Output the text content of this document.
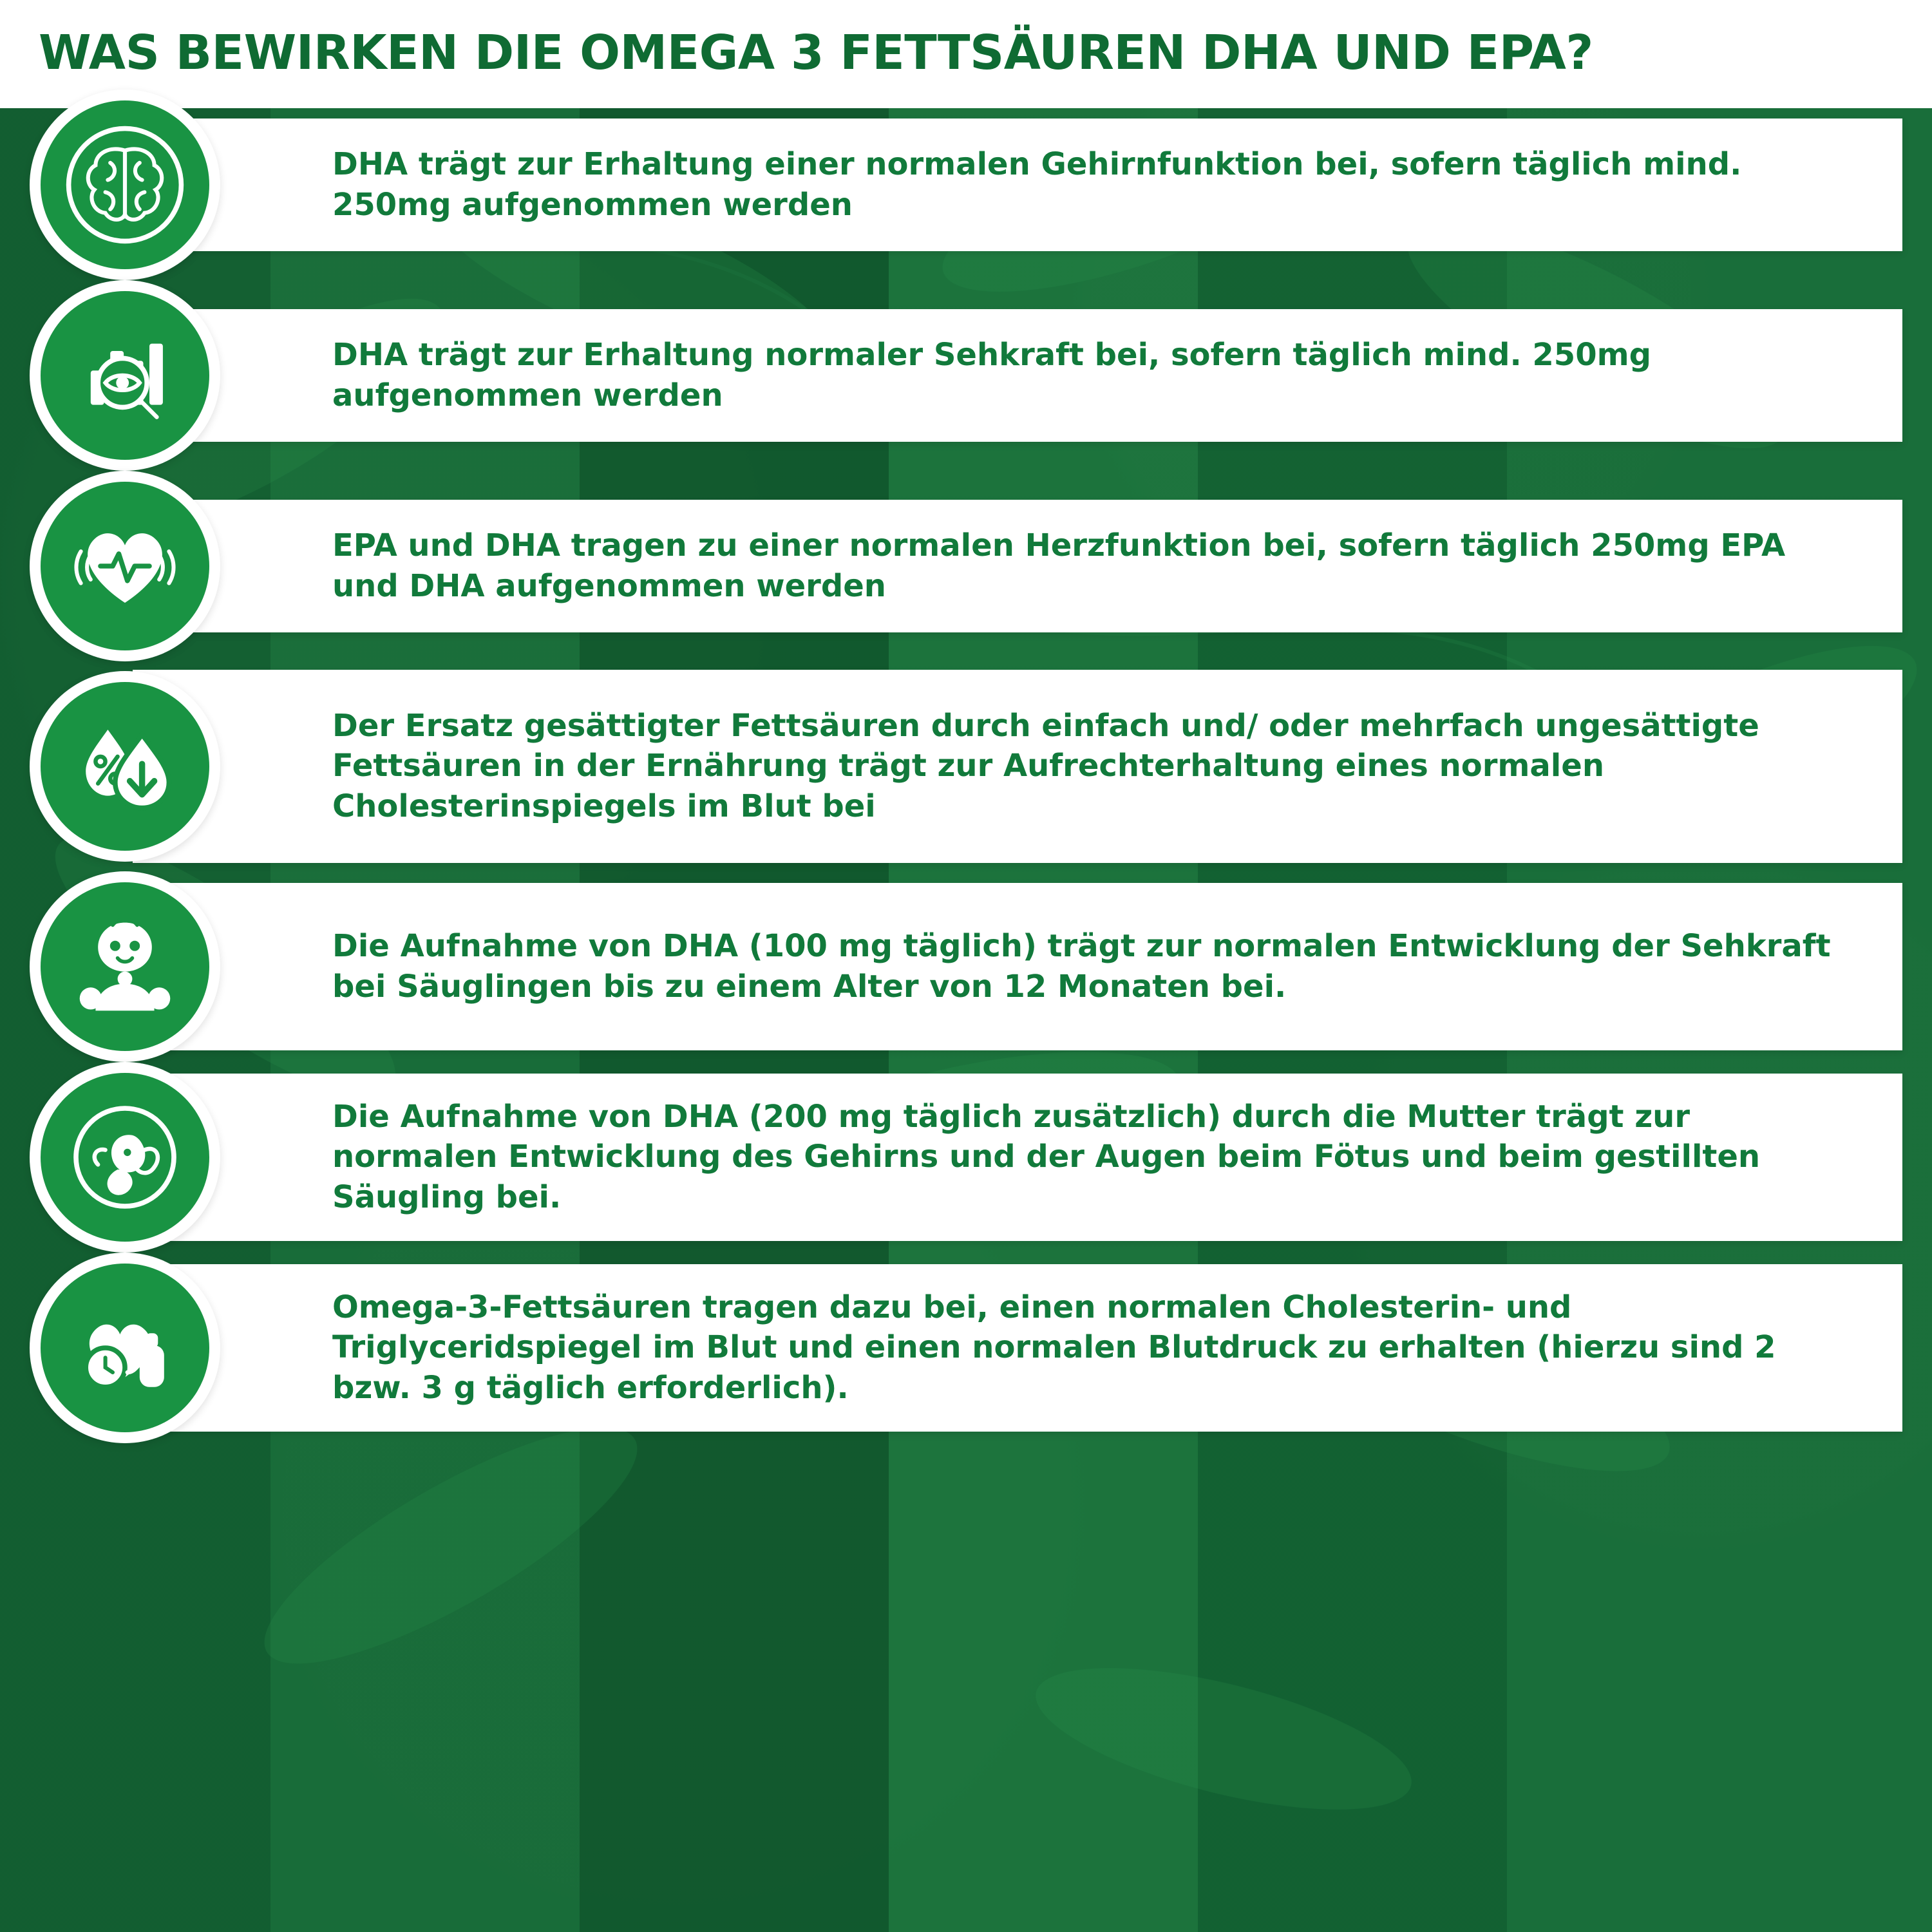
WAS BEWIRKEN DIE OMEGA 3 FETTSÄUREN DHA UND EPA?
DHA trägt zur Erhaltung einer normalen Gehirnfunktion bei, sofern täglich mind. 250mg aufgenommen werden
DHA trägt zur Erhaltung normaler Sehkraft bei, sofern täglich mind. 250mg aufgenommen werden
EPA und DHA tragen zu einer normalen Herzfunktion bei, sofern täglich 250mg EPA und DHA aufgenommen werden
Der Ersatz gesättigter Fettsäuren durch einfach und/ oder mehrfach ungesättigte Fettsäuren in der Ernährung trägt zur Aufrechterhaltung eines normalen Cholesterinspiegels im Blut bei
Die Aufnahme von DHA (100 mg täglich) trägt zur normalen Entwicklung der Sehkraft bei Säuglingen bis zu einem Alter von 12 Monaten bei.
Die Aufnahme von DHA (200 mg täglich zusätzlich) durch die Mutter trägt zur normalen Entwicklung des Gehirns und der Augen beim Fötus und beim gestillten Säugling bei.
Omega-3-Fettsäuren tragen dazu bei, einen normalen Cholesterin- und Triglyceridspiegel im Blut und einen normalen Blutdruck zu erhalten (hierzu sind 2 bzw. 3 g täglich erforderlich).
